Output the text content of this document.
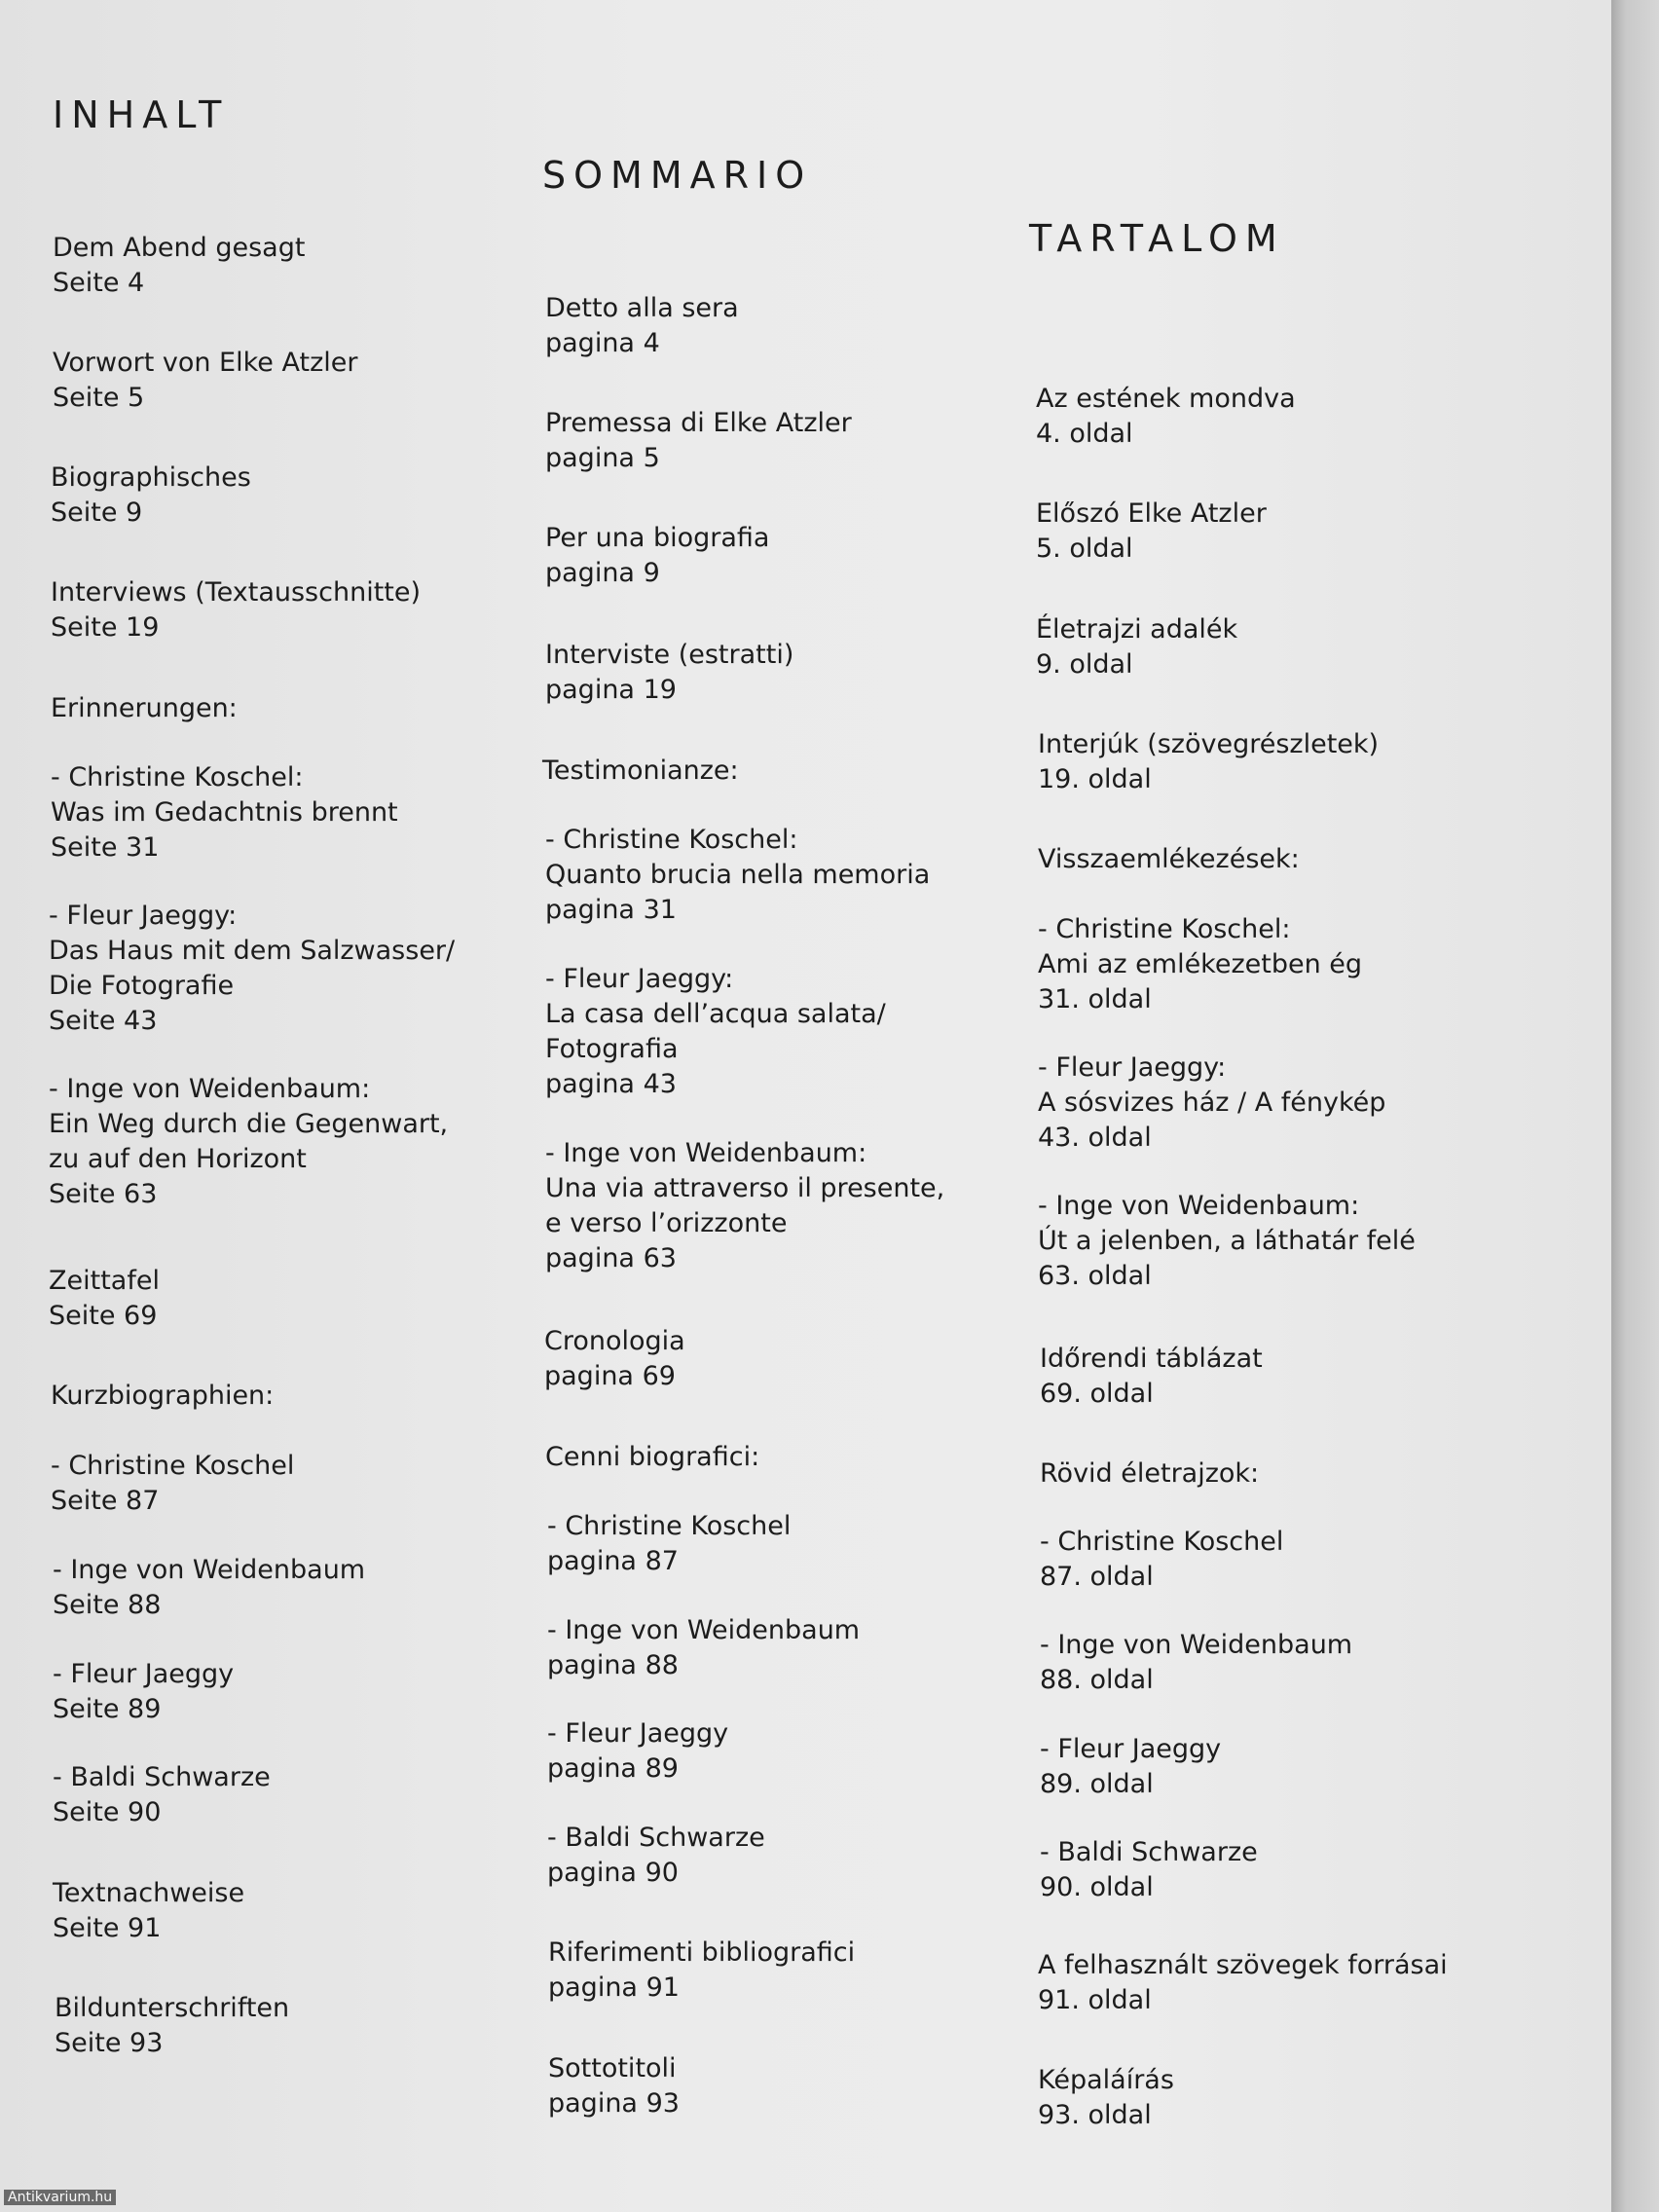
INHALT
Dem Abend gesagt
Seite 4
Vorwort von Elke Atzler
Seite 5
Biographisches
Seite 9
Interviews (Textausschnitte)
Seite 19
Erinnerungen:
- Christine Koschel:
Was im Gedachtnis brennt
Seite 31
- Fleur Jaeggy:
Das Haus mit dem Salzwasser/
Die Fotografie
Seite 43
- Inge von Weidenbaum:
Ein Weg durch die Gegenwart,
zu auf den Horizont
Seite 63
Zeittafel
Seite 69
Kurzbiographien:
- Christine Koschel
Seite 87
- Inge von Weidenbaum
Seite 88
- Fleur Jaeggy
Seite 89
- Baldi Schwarze
Seite 90
Textnachweise
Seite 91
Bildunterschriften
Seite 93
SOMMARIO
Detto alla sera
pagina 4
Premessa di Elke Atzler
pagina 5
Per una biografia
pagina 9
Interviste (estratti)
pagina 19
Testimonianze:
- Christine Koschel:
Quanto brucia nella memoria
pagina 31
- Fleur Jaeggy:
La casa dell’acqua salata/
Fotografia
pagina 43
- Inge von Weidenbaum:
Una via attraverso il presente,
e verso l’orizzonte
pagina 63
Cronologia
pagina 69
Cenni biografici:
- Christine Koschel
pagina 87
- Inge von Weidenbaum
pagina 88
- Fleur Jaeggy
pagina 89
- Baldi Schwarze
pagina 90
Riferimenti bibliografici
pagina 91
Sottotitoli
pagina 93
TARTALOM
Az estének mondva
4. oldal
Előszó Elke Atzler
5. oldal
Életrajzi adalék
9. oldal
Interjúk (szövegrészletek)
19. oldal
Visszaemlékezések:
- Christine Koschel:
Ami az emlékezetben ég
31. oldal
- Fleur Jaeggy:
A sósvizes ház / A fénykép
43. oldal
- Inge von Weidenbaum:
Út a jelenben, a láthatár felé
63. oldal
Időrendi táblázat
69. oldal
Rövid életrajzok:
- Christine Koschel
87. oldal
- Inge von Weidenbaum
88. oldal
- Fleur Jaeggy
89. oldal
- Baldi Schwarze
90. oldal
A felhasznált szövegek forrásai
91. oldal
Képaláírás
93. oldal
Antikvarium.hu
